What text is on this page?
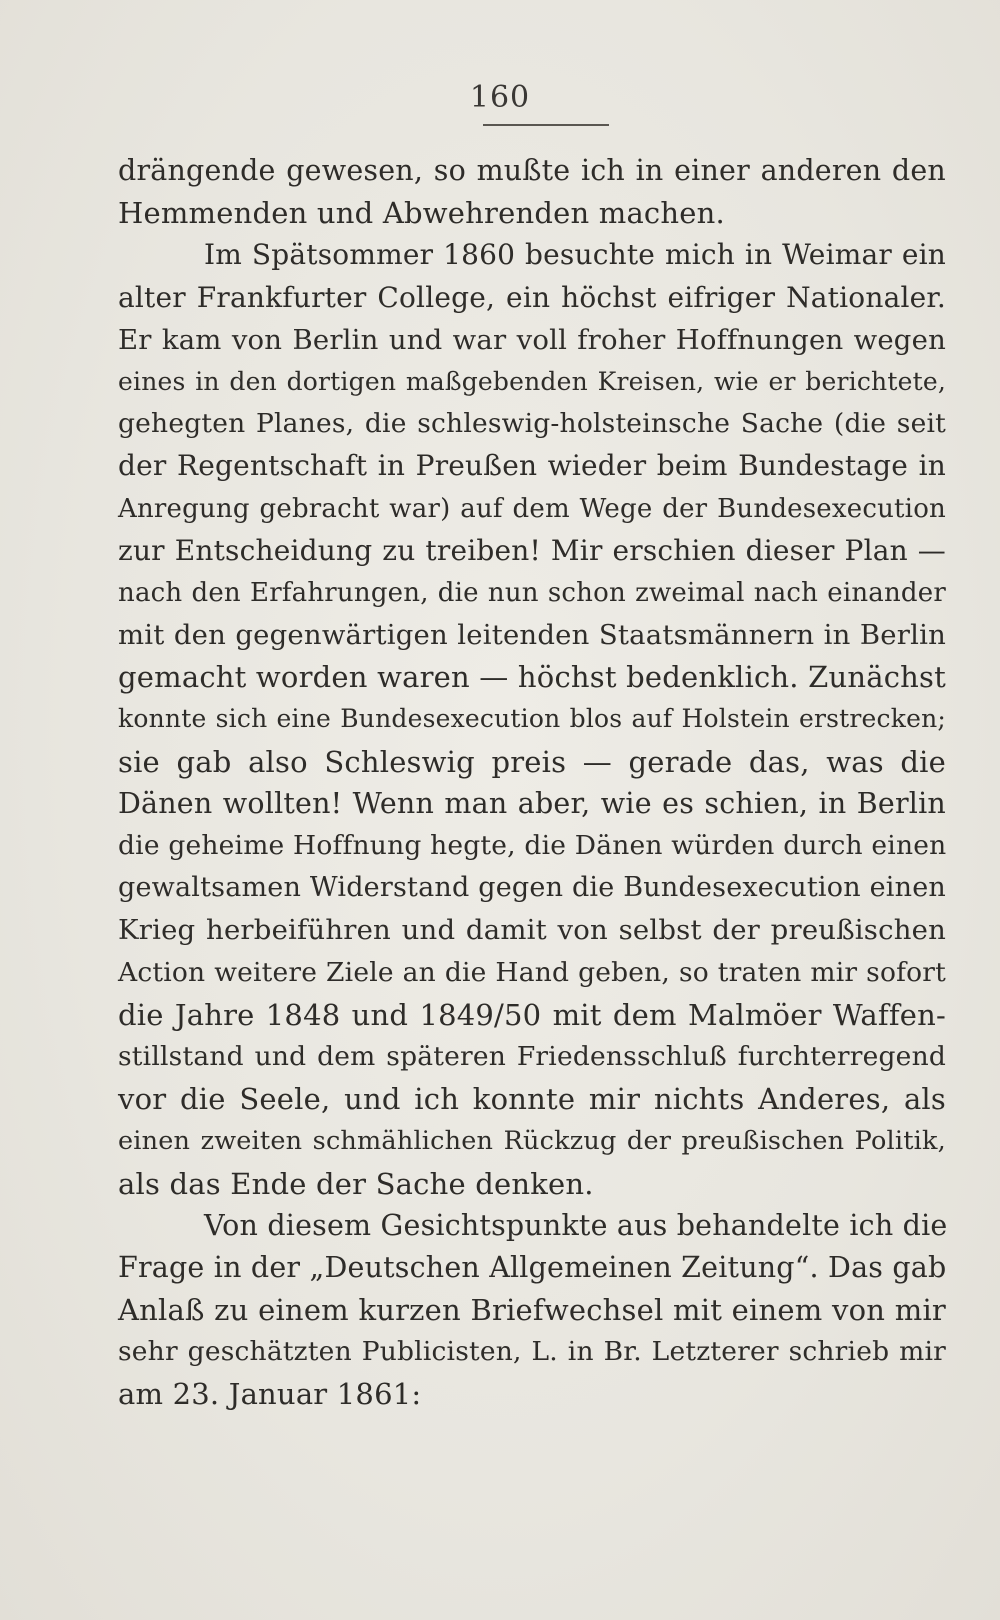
160
drängende gewesen, so mußte ich in einer anderen den
Hemmenden und Abwehrenden machen.
Im Spätsommer 1860 besuchte mich in Weimar ein
alter Frankfurter College, ein höchst eifriger Nationaler.
Er kam von Berlin und war voll froher Hoffnungen wegen
eines in den dortigen maßgebenden Kreisen, wie er berichtete,
gehegten Planes, die schleswig-holsteinsche Sache (die seit
der Regentschaft in Preußen wieder beim Bundestage in
Anregung gebracht war) auf dem Wege der Bundesexecution
zur Entscheidung zu treiben! Mir erschien dieser Plan —
nach den Erfahrungen, die nun schon zweimal nach einander
mit den gegenwärtigen leitenden Staatsmännern in Berlin
gemacht worden waren — höchst bedenklich. Zunächst
konnte sich eine Bundesexecution blos auf Holstein erstrecken;
sie gab also Schleswig preis — gerade das, was die
Dänen wollten! Wenn man aber, wie es schien, in Berlin
die geheime Hoffnung hegte, die Dänen würden durch einen
gewaltsamen Widerstand gegen die Bundesexecution einen
Krieg herbeiführen und damit von selbst der preußischen
Action weitere Ziele an die Hand geben, so traten mir sofort
die Jahre 1848 und 1849/50 mit dem Malmöer Waffen-
stillstand und dem späteren Friedensschluß furchterregend
vor die Seele, und ich konnte mir nichts Anderes, als
einen zweiten schmählichen Rückzug der preußischen Politik,
als das Ende der Sache denken.
Von diesem Gesichtspunkte aus behandelte ich die
Frage in der „Deutschen Allgemeinen Zeitung“. Das gab
Anlaß zu einem kurzen Briefwechsel mit einem von mir
sehr geschätzten Publicisten, L. in Br. Letzterer schrieb mir
am 23. Januar 1861:
